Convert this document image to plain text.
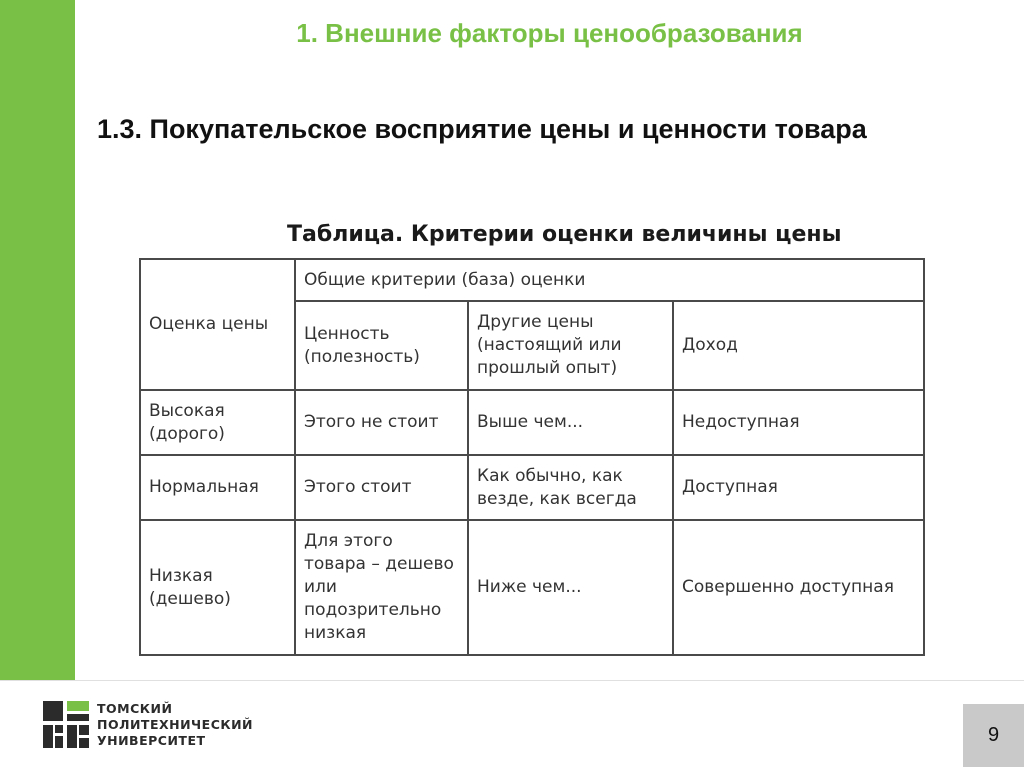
1. Внешние факторы ценообразования
1.3. Покупательское восприятие цены и ценности товара
Таблица. Критерии оценки величины цены
Оценка цены	Общие критерии (база) оценки		
	Ценность (полезность)	Другие цены (настоящий или прошлый опыт)	Доход
Высокая (дорого)	Этого не стоит	Выше чем...	Недоступная
Нормальная	Этого стоит	Как обычно, как везде, как всегда	Доступная
Низкая (дешево)	Для этого товара – дешево или подозрительно низкая	Ниже чем...	Совершенно доступная
ТОМСКИЙ
ПОЛИТЕХНИЧЕСКИЙ
УНИВЕРСИТЕТ	9
